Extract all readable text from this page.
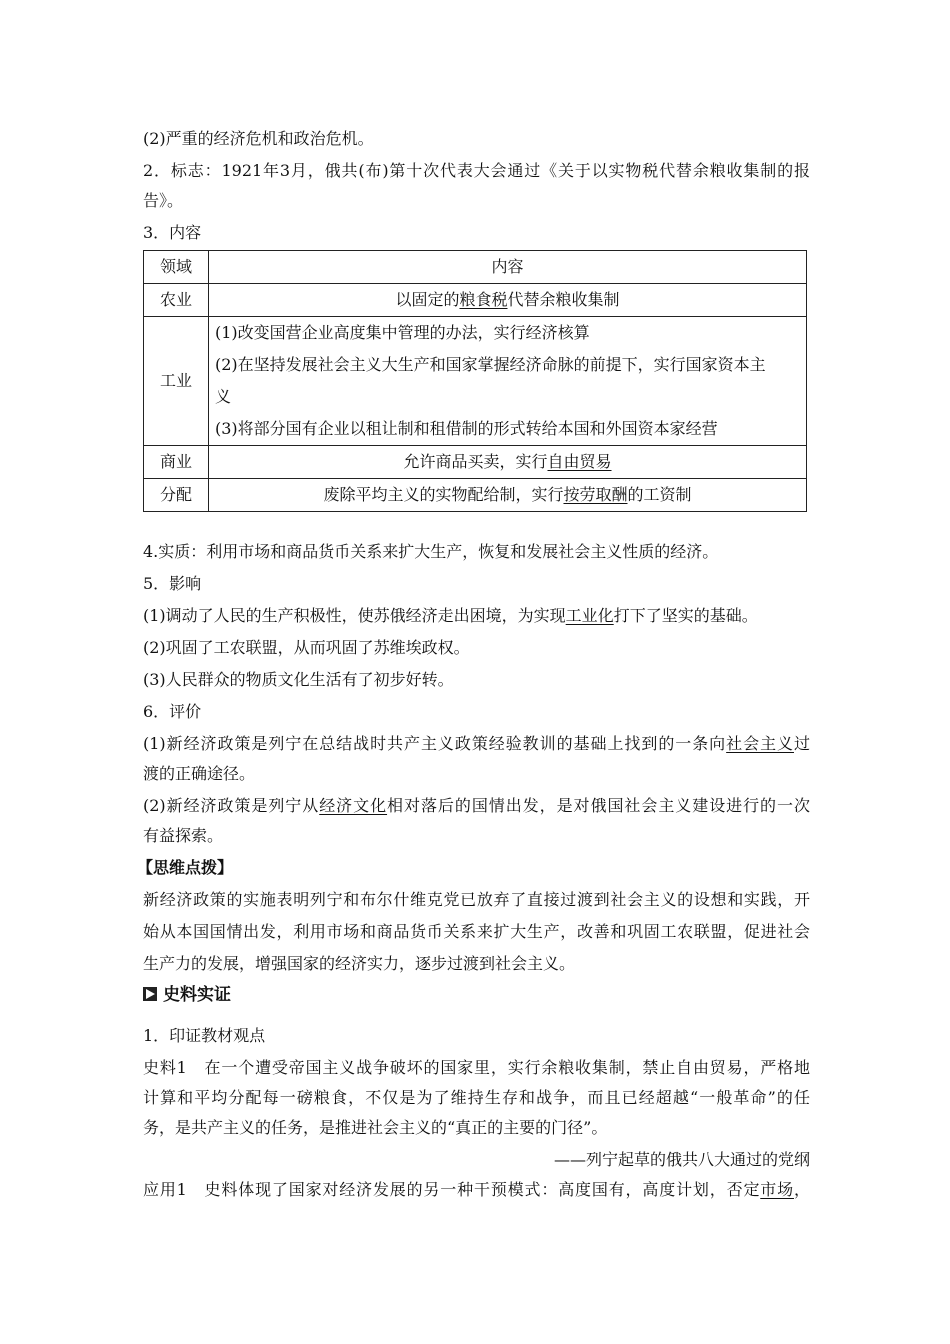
(2)严重的经济危机和政治危机。
2．标志：1921年3月，俄共(布)第十次代表大会通过《关于以实物税代替余粮收集制的报
告》。
3．内容
领域	内容
农业	以固定的粮食税代替余粮收集制
工业	(1)改变国营企业高度集中管理的办法，实行经济核算
(2)在坚持发展社会主义大生产和国家掌握经济命脉的前提下，实行国家资本主
义
(3)将部分国有企业以租让制和租借制的形式转给本国和外国资本家经营

商业	允许商品买卖，实行自由贸易
分配	废除平均主义的实物配给制，实行按劳取酬的工资制
4.实质：利用市场和商品货币关系来扩大生产，恢复和发展社会主义性质的经济。
5．影响
(1)调动了人民的生产积极性，使苏俄经济走出困境，为实现工业化打下了坚实的基础。
(2)巩固了工农联盟，从而巩固了苏维埃政权。
(3)人民群众的物质文化生活有了初步好转。
6．评价
(1)新经济政策是列宁在总结战时共产主义政策经验教训的基础上找到的一条向社会主义过
渡的正确途径。
(2)新经济政策是列宁从经济文化相对落后的国情出发，是对俄国社会主义建设进行的一次
有益探索。
【思维点拨】
新经济政策的实施表明列宁和布尔什维克党已放弃了直接过渡到社会主义的设想和实践，开
始从本国国情出发，利用市场和商品货币关系来扩大生产，改善和巩固工农联盟，促进社会
生产力的发展，增强国家的经济实力，逐步过渡到社会主义。
史料实证
1．印证教材观点
史料1　在一个遭受帝国主义战争破坏的国家里，实行余粮收集制，禁止自由贸易，严格地
计算和平均分配每一磅粮食，不仅是为了维持生存和战争，而且已经超越“一般革命”的任
务，是共产主义的任务，是推进社会主义的“真正的主要的门径”。
——列宁起草的俄共八大通过的党纲
应用1　史料体现了国家对经济发展的另一种干预模式：高度国有，高度计划，否定市场，
